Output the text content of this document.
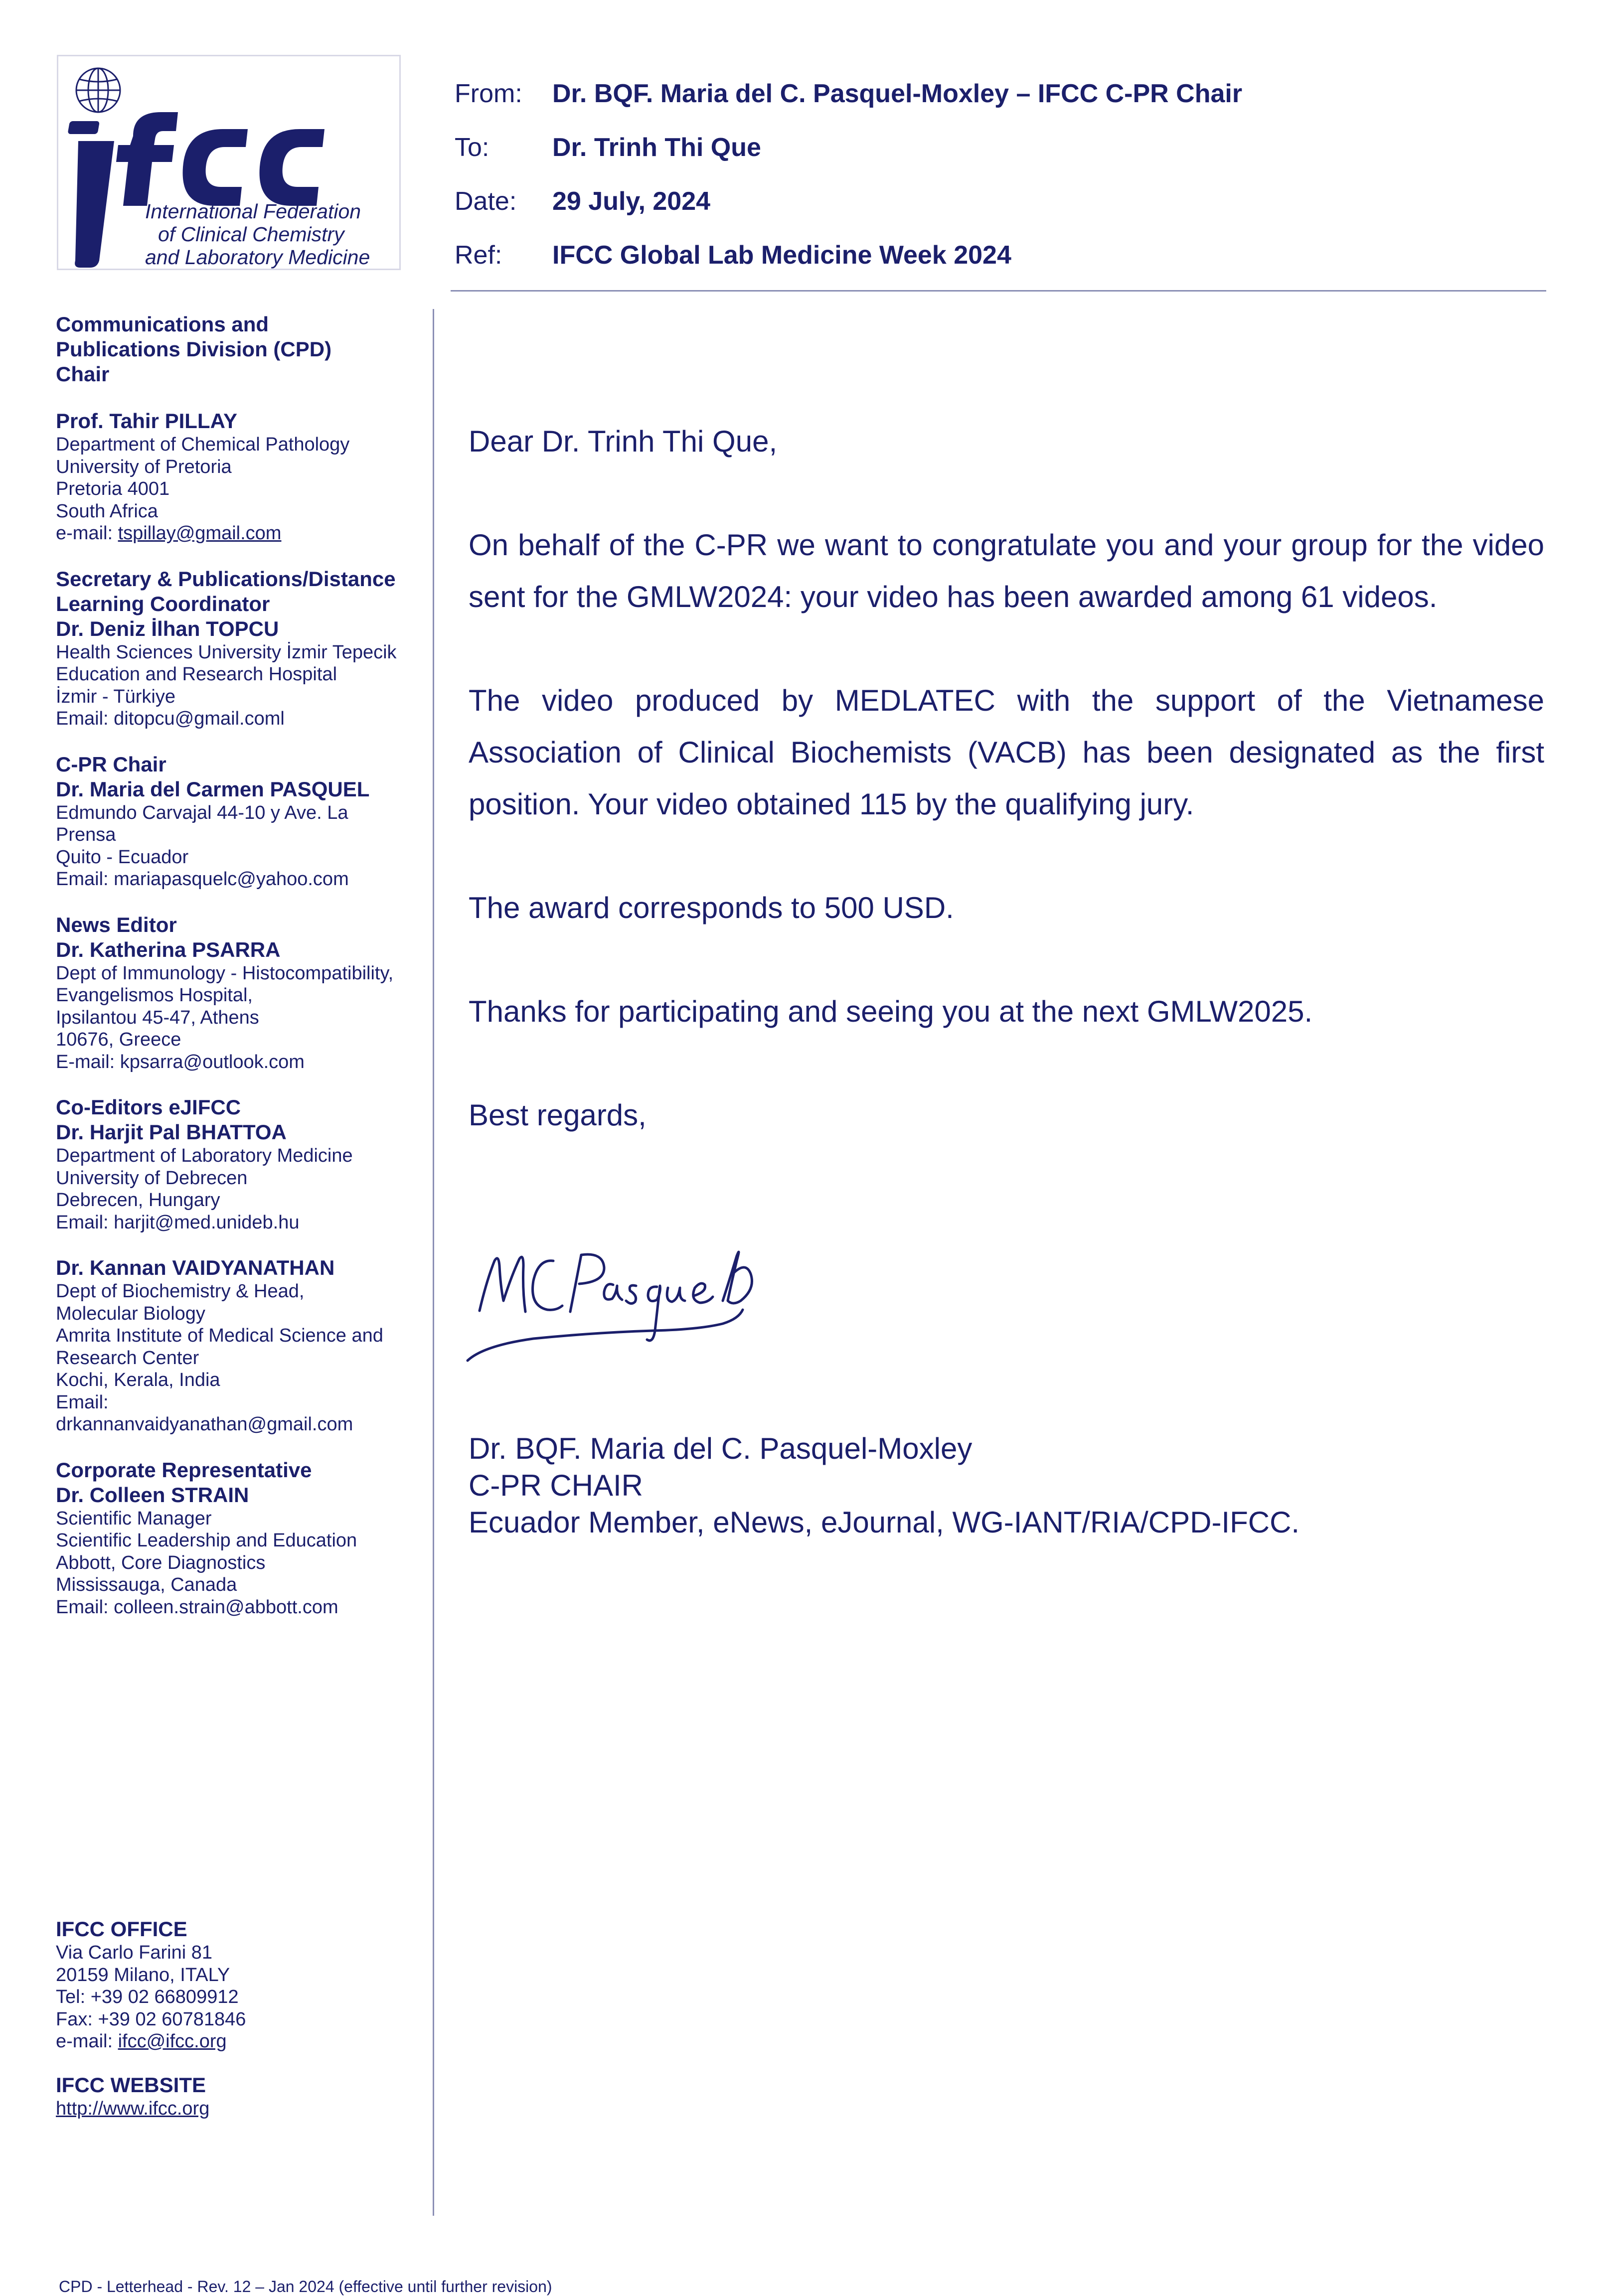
International Federation
of Clinical Chemistry
and Laboratory Medicine
From:	Dr. BQF. Maria del C. Pasquel-Moxley – IFCC C-PR Chair
To:	Dr. Trinh Thi Que
Date:	29 July, 2024
Ref:	IFCC Global Lab Medicine Week 2024
Communications and
Publications Division (CPD)
Chair
Prof. Tahir PILLAY
Department of Chemical Pathology
University of Pretoria
Pretoria 4001
South Africa
e-mail: tspillay@gmail.com
Secretary & Publications/Distance
Learning Coordinator
Dr. Deniz İlhan TOPCU
Health Sciences University İzmir Tepecik
Education and Research Hospital
İzmir - Türkiye
Email: ditopcu@gmail.coml
C-PR Chair
Dr. Maria del Carmen PASQUEL
Edmundo Carvajal 44-10 y Ave. La
Prensa
Quito - Ecuador
Email: mariapasquelc@yahoo.com
News Editor
Dr. Katherina PSARRA
Dept of Immunology - Histocompatibility,
Evangelismos Hospital,
Ipsilantou 45-47, Athens
10676, Greece
E-mail: kpsarra@outlook.com
Co-Editors eJIFCC
Dr. Harjit Pal BHATTOA
Department of Laboratory Medicine
University of Debrecen
Debrecen, Hungary
Email: harjit@med.unideb.hu
Dr. Kannan VAIDYANATHAN
Dept of Biochemistry & Head,
Molecular Biology
Amrita Institute of Medical Science and
Research Center
Kochi, Kerala, India
Email:
drkannanvaidyanathan@gmail.com
Corporate Representative
Dr. Colleen STRAIN
Scientific Manager
Scientific Leadership and Education
Abbott, Core Diagnostics
Mississauga, Canada
Email: colleen.strain@abbott.com
IFCC OFFICE
Via Carlo Farini 81
20159 Milano, ITALY
Tel: +39 02 66809912
Fax: +39 02 60781846
e-mail: ifcc@ifcc.org
IFCC WEBSITE
http://www.ifcc.org

Dear Dr. Trinh Thi Que,

On behalf of the C-PR we want to congratulate you and your group for the video sent for the GMLW2024: your video has been awarded among 61 videos.

The video produced by MEDLATEC with the support of the Vietnamese Association of Clinical Biochemists (VACB) has been designated as the first position. Your video obtained 115 by the qualifying jury.

The award corresponds to 500 USD.

Thanks for participating and seeing you at the next GMLW2025.

Best regards,

Dr. BQF. Maria del C. Pasquel-Moxley
C-PR CHAIR
Ecuador Member, eNews, eJournal, WG-IANT/RIA/CPD-IFCC.
CPD - Letterhead - Rev. 12 – Jan 2024 (effective until further revision)
